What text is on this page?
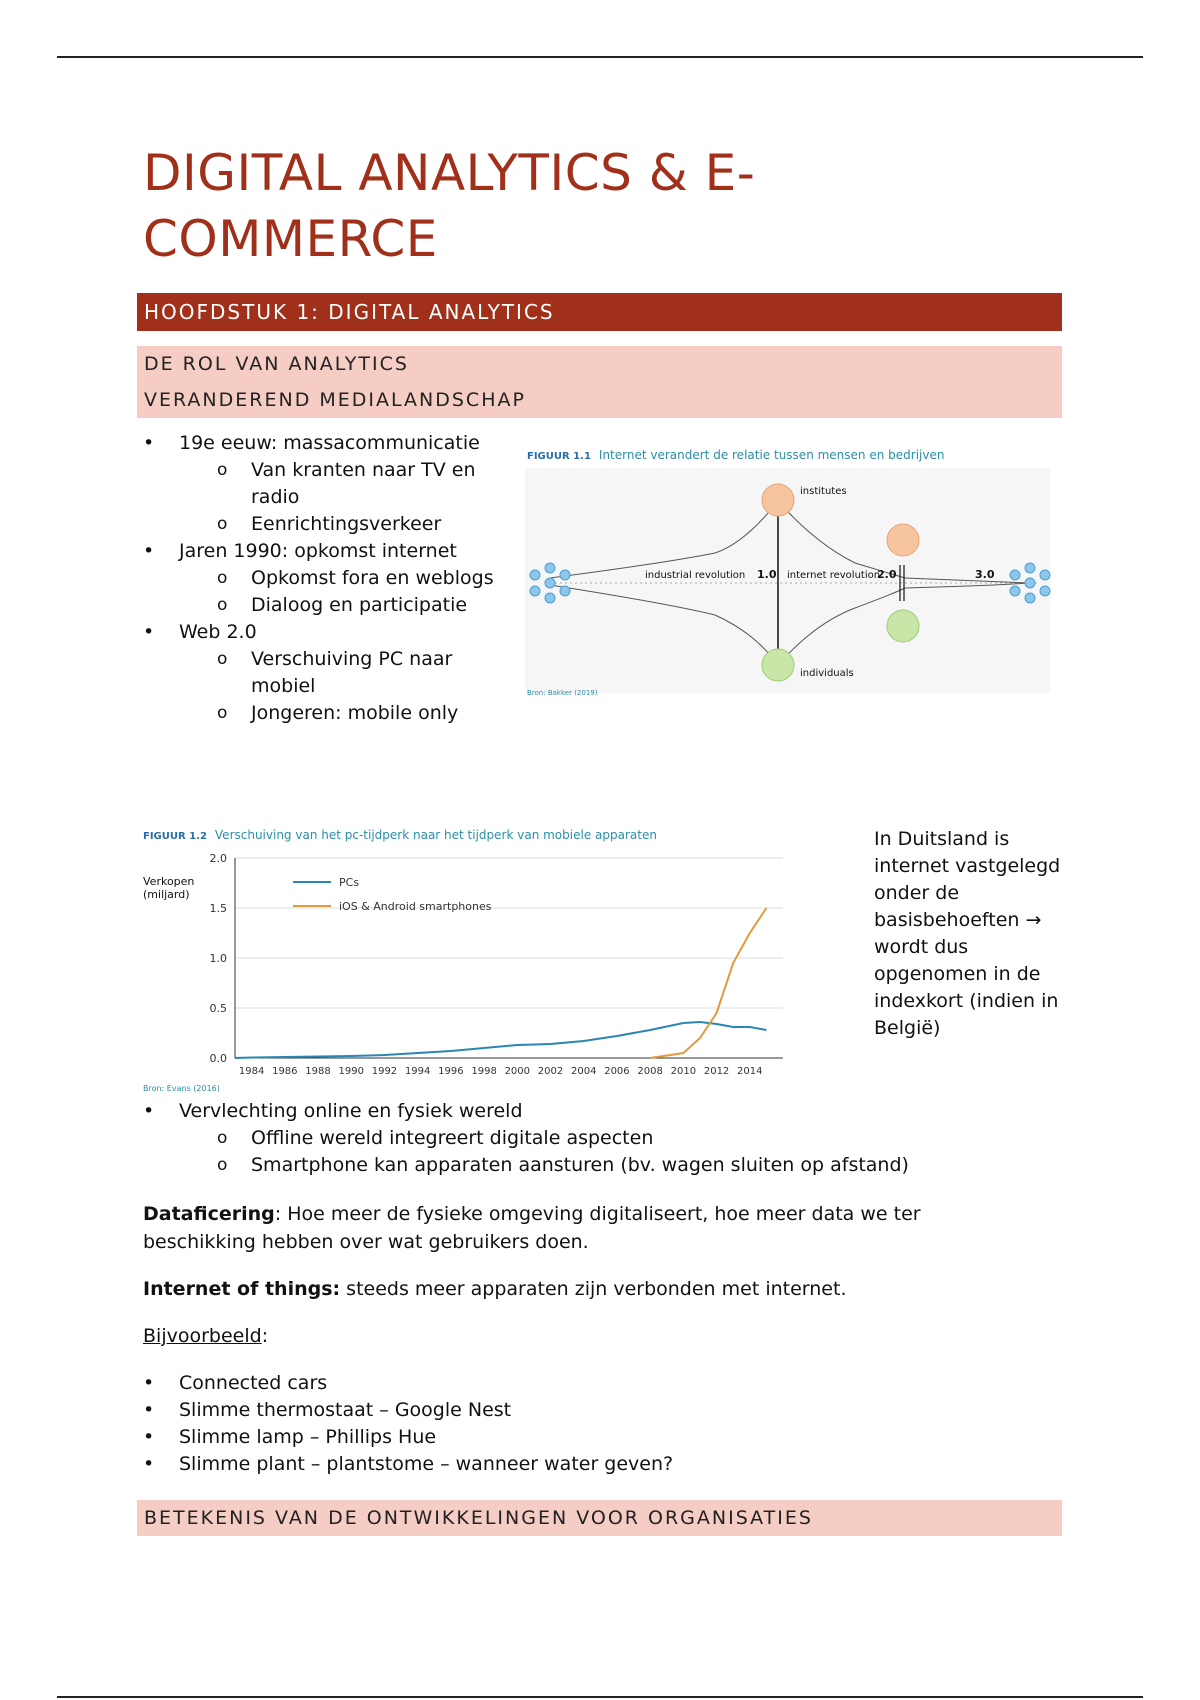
DIGITAL ANALYTICS & E-
COMMERCE
HOOFDSTUK 1: DIGITAL ANALYTICS
DE ROL VAN ANALYTICS
VERANDEREND MEDIALANDSCHAP
• 19e eeuw: massacommunicatie
o Van kranten naar TV en radio
o Eenrichtingsverkeer
• Jaren 1990: opkomst internet
o Opkomst fora en weblogs
o Dialoog en participatie
• Web 2.0
o Verschuiving PC naar mobiel
o Jongeren: mobile only
FIGUUR 1.1 Internet verandert de relatie tussen mensen en bedrijven
institutes
individuals
industrial revolution 1.0 internet revolution
2.0	3.0
Bron: Bakker (2019)
FIGUUR 1.2 Verschuiving van het pc-tijdperk naar het tijdperk van mobiele apparaten
Verkopen (miljard)
0.0
0.5
1.0
1.5
2.0
1984 1986 1988 1990 1992 1994 1996 1998 2000 2002 2004 2006 2008 2010 2012 2014
PCs
iOS & Android smartphones
Bron: Evans (2016)
In Duitsland is internet vastgelegd onder de basisbehoeften → wordt dus opgenomen in de indexkort (indien in België)
• Vervlechting online en fysiek wereld
o Offline wereld integreert digitale aspecten
o Smartphone kan apparaten aansturen (bv. wagen sluiten op afstand)
Dataficering: Hoe meer de fysieke omgeving digitaliseert, hoe meer data we ter beschikking hebben over wat gebruikers doen.
Internet of things: steeds meer apparaten zijn verbonden met internet.
Bijvoorbeeld:
• Connected cars
• Slimme thermostaat – Google Nest
• Slimme lamp – Phillips Hue
• Slimme plant – plantstome – wanneer water geven?
BETEKENIS VAN DE ONTWIKKELINGEN VOOR ORGANISATIES
